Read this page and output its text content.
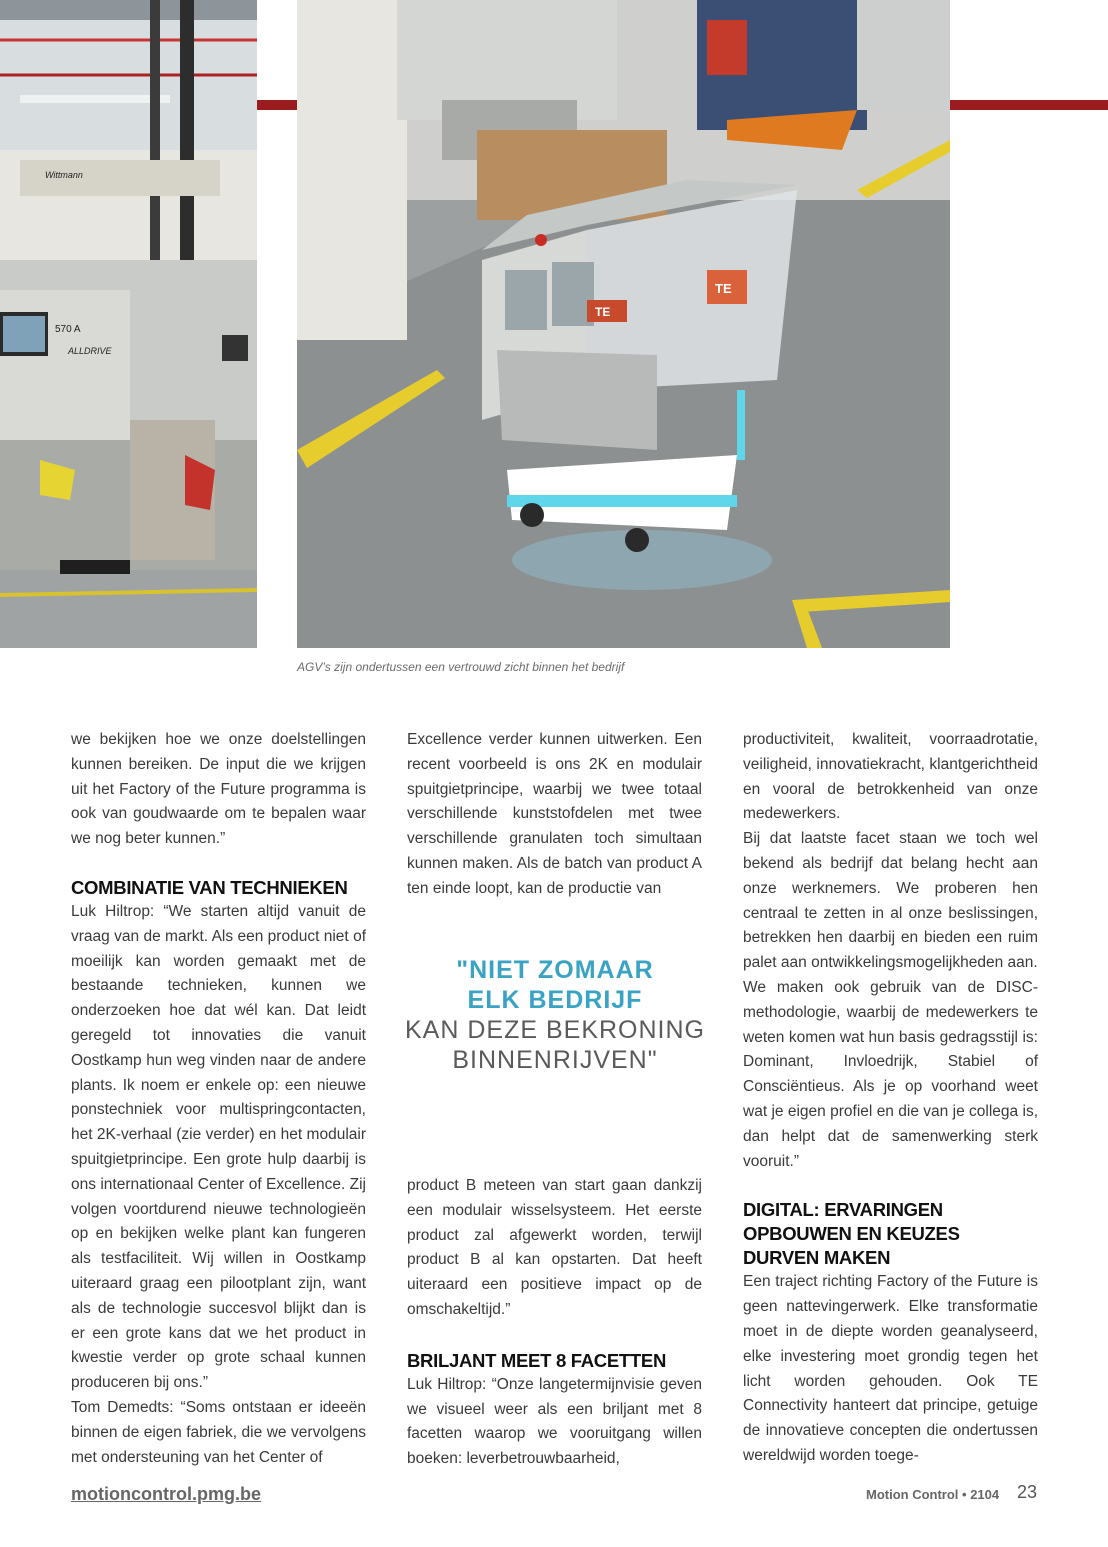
Wittmann
570 A
ALLDRIVE
TE
TE
AGV’s zijn ondertussen een vertrouwd zicht binnen het bedrijf

we bekijken hoe we onze doelstellingen kunnen bereiken. De input die we krijgen uit het Factory of the Future programma is ook van goudwaarde om te bepalen waar we nog beter kunnen.”

COMBINATIE VAN TECHNIEKEN

Luk Hiltrop: “We starten altijd vanuit de vraag van de markt. Als een product niet of moeilijk kan worden gemaakt met de bestaande technieken, kunnen we onderzoeken hoe dat wél kan. Dat leidt geregeld tot innovaties die vanuit Oostkamp hun weg vinden naar de andere plants. Ik noem er enkele op: een nieuwe ponstechniek voor multispringcontacten, het 2K-verhaal (zie verder) en het modulair spuitgietprincipe. Een grote hulp daarbij is ons internationaal Center of Excellence. Zij volgen voortdurend nieuwe technologieën op en bekijken welke plant kan fungeren als testfaciliteit. Wij willen in Oostkamp uiteraard graag een pilootplant zijn, want als de technologie succesvol blijkt dan is er een grote kans dat we het product in kwestie verder op grote schaal kunnen produceren bij ons.”

Tom Demedts: “Soms ontstaan er ideeën binnen de eigen fabriek, die we vervolgens met ondersteuning van het Center of

Excellence verder kunnen uitwerken. Een recent voorbeeld is ons 2K en modulair spuitgietprincipe, waarbij we twee totaal verschillende kunststofdelen met twee verschillende granulaten toch simultaan kunnen maken. Als de batch van product A ten einde loopt, kan de productie van

"NIET ZOMAAR
ELK BEDRIJF
KAN DEZE BEKRONING
BINNENRIJVEN"

product B meteen van start gaan dankzij een modulair wisselsysteem. Het eerste product zal afgewerkt worden, terwijl product B al kan opstarten. Dat heeft uiteraard een positieve impact op de omschakeltijd.”

BRILJANT MEET 8 FACETTEN

Luk Hiltrop: “Onze langetermijnvisie geven we visueel weer als een briljant met 8 facetten waarop we vooruitgang willen boeken: leverbetrouwbaarheid,

productiviteit, kwaliteit, voorraadrotatie, veiligheid, innovatiekracht, klantgerichtheid en vooral de betrokkenheid van onze medewerkers.

Bij dat laatste facet staan we toch wel bekend als bedrijf dat belang hecht aan onze werknemers. We proberen hen centraal te zetten in al onze beslissingen, betrekken hen daarbij en bieden een ruim palet aan ontwikkelingsmogelijkheden aan.

We maken ook gebruik van de DISC-methodologie, waarbij de medewerkers te weten komen wat hun basis gedragsstijl is: Dominant, Invloedrijk, Stabiel of Consciëntieus. Als je op voorhand weet wat je eigen profiel en die van je collega is, dan helpt dat de samenwerking sterk vooruit.”

DIGITAL: ERVARINGEN OPBOUWEN EN KEUZES DURVEN MAKEN

Een traject richting Factory of the Future is geen nattevingerwerk. Elke transformatie moet in de diepte worden geanalyseerd, elke investering moet grondig tegen het licht worden gehouden. Ook TE Connectivity hanteert dat principe, getuige de innovatieve concepten die ondertussen wereldwijd worden toege-

motioncontrol.pmg.be	Motion Control • 2104 23
